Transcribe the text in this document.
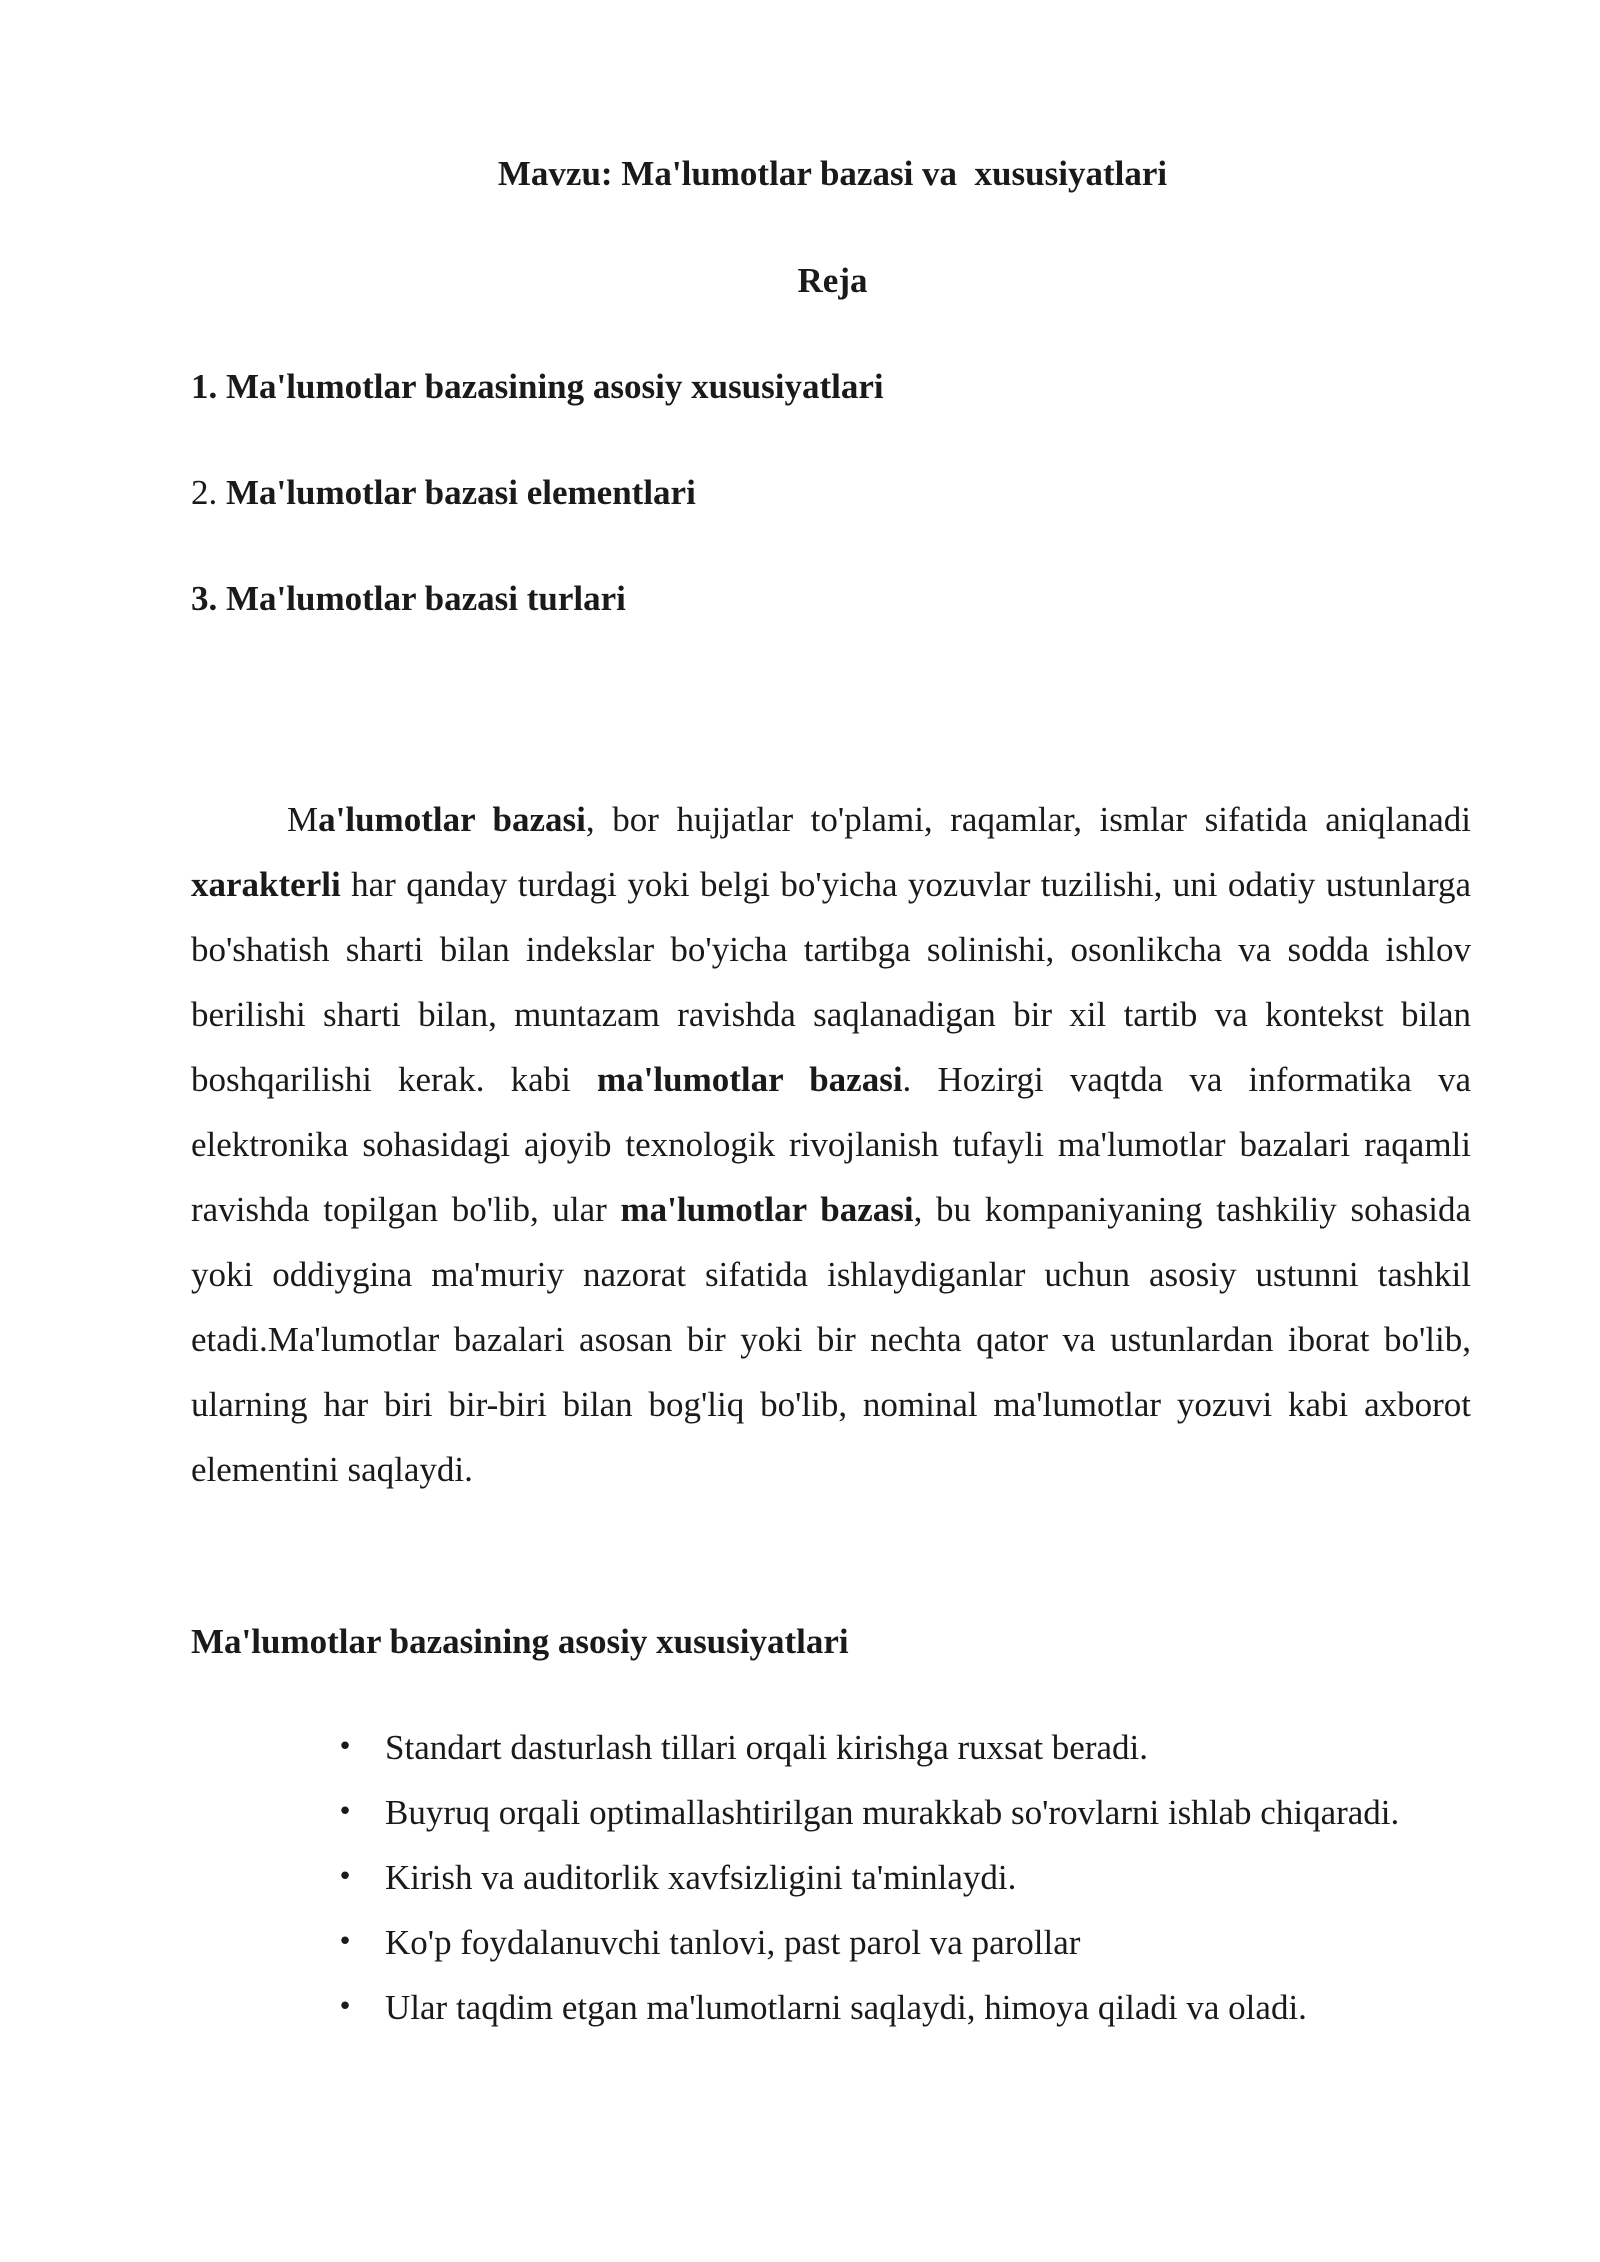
Mavzu: Ma'lumotlar bazasi va  xususiyatlari
Reja
1. Ma'lumotlar bazasining asosiy xususiyatlari
2. Ma'lumotlar bazasi elementlari
3. Ma'lumotlar bazasi turlari

Ma'lumotlar bazasi, bor hujjatlar to'plami, raqamlar, ismlar sifatida aniqlanadi xarakterli har qanday turdagi yoki belgi bo'yicha yozuvlar tuzilishi, uni odatiy ustunlarga bo'shatish sharti bilan indekslar bo'yicha tartibga solinishi, osonlikcha va sodda ishlov berilishi sharti bilan, muntazam ravishda saqlanadigan bir xil tartib va kontekst bilan boshqarilishi kerak. kabi ma'lumotlar bazasi. Hozirgi vaqtda va informatika va elektronika sohasidagi ajoyib texnologik rivojlanish tufayli ma'lumotlar bazalari raqamli ravishda topilgan bo'lib, ular ma'lumotlar bazasi, bu kompaniyaning tashkiliy sohasida yoki oddiygina ma'muriy nazorat sifatida ishlaydiganlar uchun asosiy ustunni tashkil etadi.Ma'lumotlar bazalari asosan bir yoki bir nechta qator va ustunlardan iborat bo'lib, ularning har biri bir-biri bilan bog'liq bo'lib, nominal ma'lumotlar yozuvi kabi axborot elementini saqlaydi.

Ma'lumotlar bazasining asosiy xususiyatlari
• Standart dasturlash tillari orqali kirishga ruxsat beradi.
• Buyruq orqali optimallashtirilgan murakkab so'rovlarni ishlab chiqaradi.
• Kirish va auditorlik xavfsizligini ta'minlaydi.
• Ko'p foydalanuvchi tanlovi, past parol va parollar
• Ular taqdim etgan ma'lumotlarni saqlaydi, himoya qiladi va oladi.
